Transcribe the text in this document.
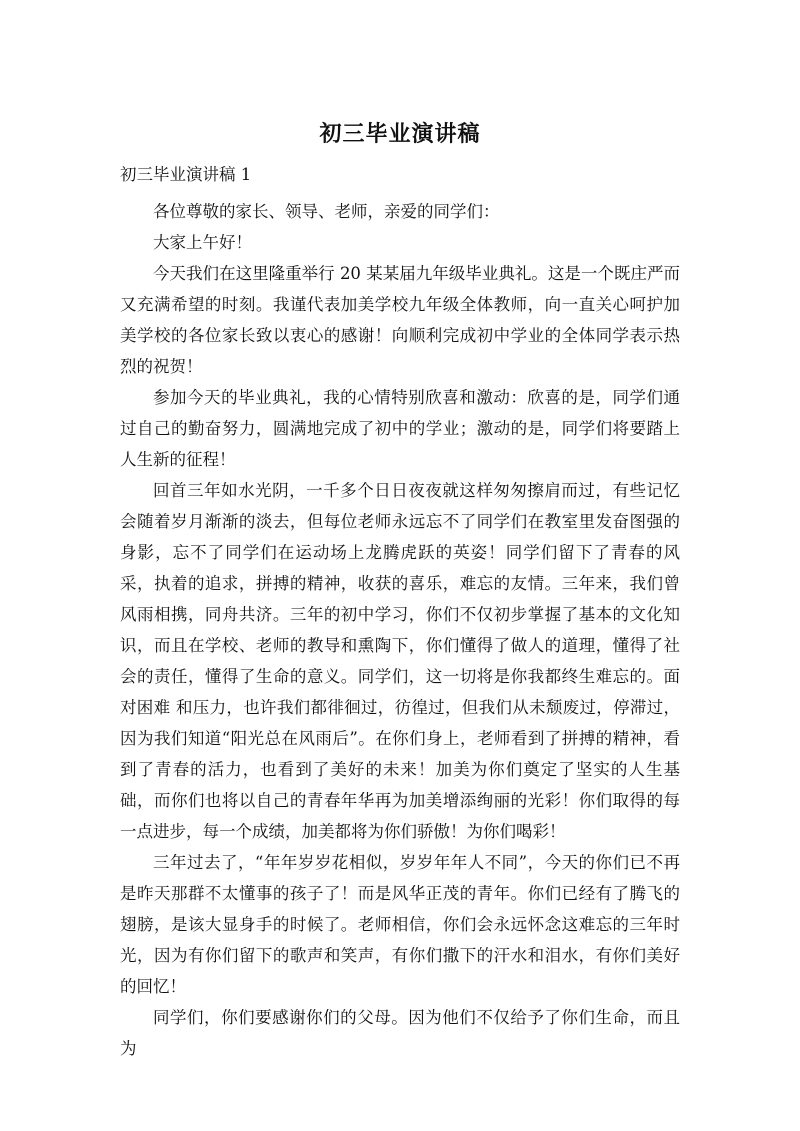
初三毕业演讲稿

初三毕业演讲稿 1

各位尊敬的家长、领导、老师，亲爱的同学们：

大家上午好！

今天我们在这里隆重举行 20 某某届九年级毕业典礼。这是一个既庄严而又充满希望的时刻。我谨代表加美学校九年级全体教师，向一直关心呵护加美学校的各位家长致以衷心的感谢！向顺利完成初中学业的全体同学表示热烈的祝贺！

参加今天的毕业典礼，我的心情特别欣喜和激动：欣喜的是，同学们通过自己的勤奋努力，圆满地完成了初中的学业；激动的是，同学们将要踏上人生新的征程！

回首三年如水光阴，一千多个日日夜夜就这样匆匆擦肩而过，有些记忆会随着岁月渐渐的淡去，但每位老师永远忘不了同学们在教室里发奋图强的身影，忘不了同学们在运动场上龙腾虎跃的英姿！同学们留下了青春的风采，执着的追求，拼搏的精神，收获的喜乐，难忘的友情。三年来，我们曾风雨相携，同舟共济。三年的初中学习，你们不仅初步掌握了基本的文化知识，而且在学校、老师的教导和熏陶下，你们懂得了做人的道理，懂得了社会的责任，懂得了生命的意义。同学们，这一切将是你我都终生难忘的。面对困难 和压力，也许我们都徘徊过，彷徨过，但我们从未颓废过，停滞过，因为我们知道“阳光总在风雨后”。在你们身上，老师看到了拼搏的精神，看到了青春的活力，也看到了美好的未来！加美为你们奠定了坚实的人生基础，而你们也将以自己的青春年华再为加美增添绚丽的光彩！你们取得的每一点进步，每一个成绩，加美都将为你们骄傲！为你们喝彩！

三年过去了，“年年岁岁花相似，岁岁年年人不同”，今天的你们已不再是昨天那群不太懂事的孩子了！而是风华正茂的青年。你们已经有了腾飞的翅膀，是该大显身手的时候了。老师相信，你们会永远怀念这难忘的三年时光，因为有你们留下的歌声和笑声，有你们撒下的汗水和泪水，有你们美好的回忆！

同学们，你们要感谢你们的父母。因为他们不仅给予了你们生命，而且为
